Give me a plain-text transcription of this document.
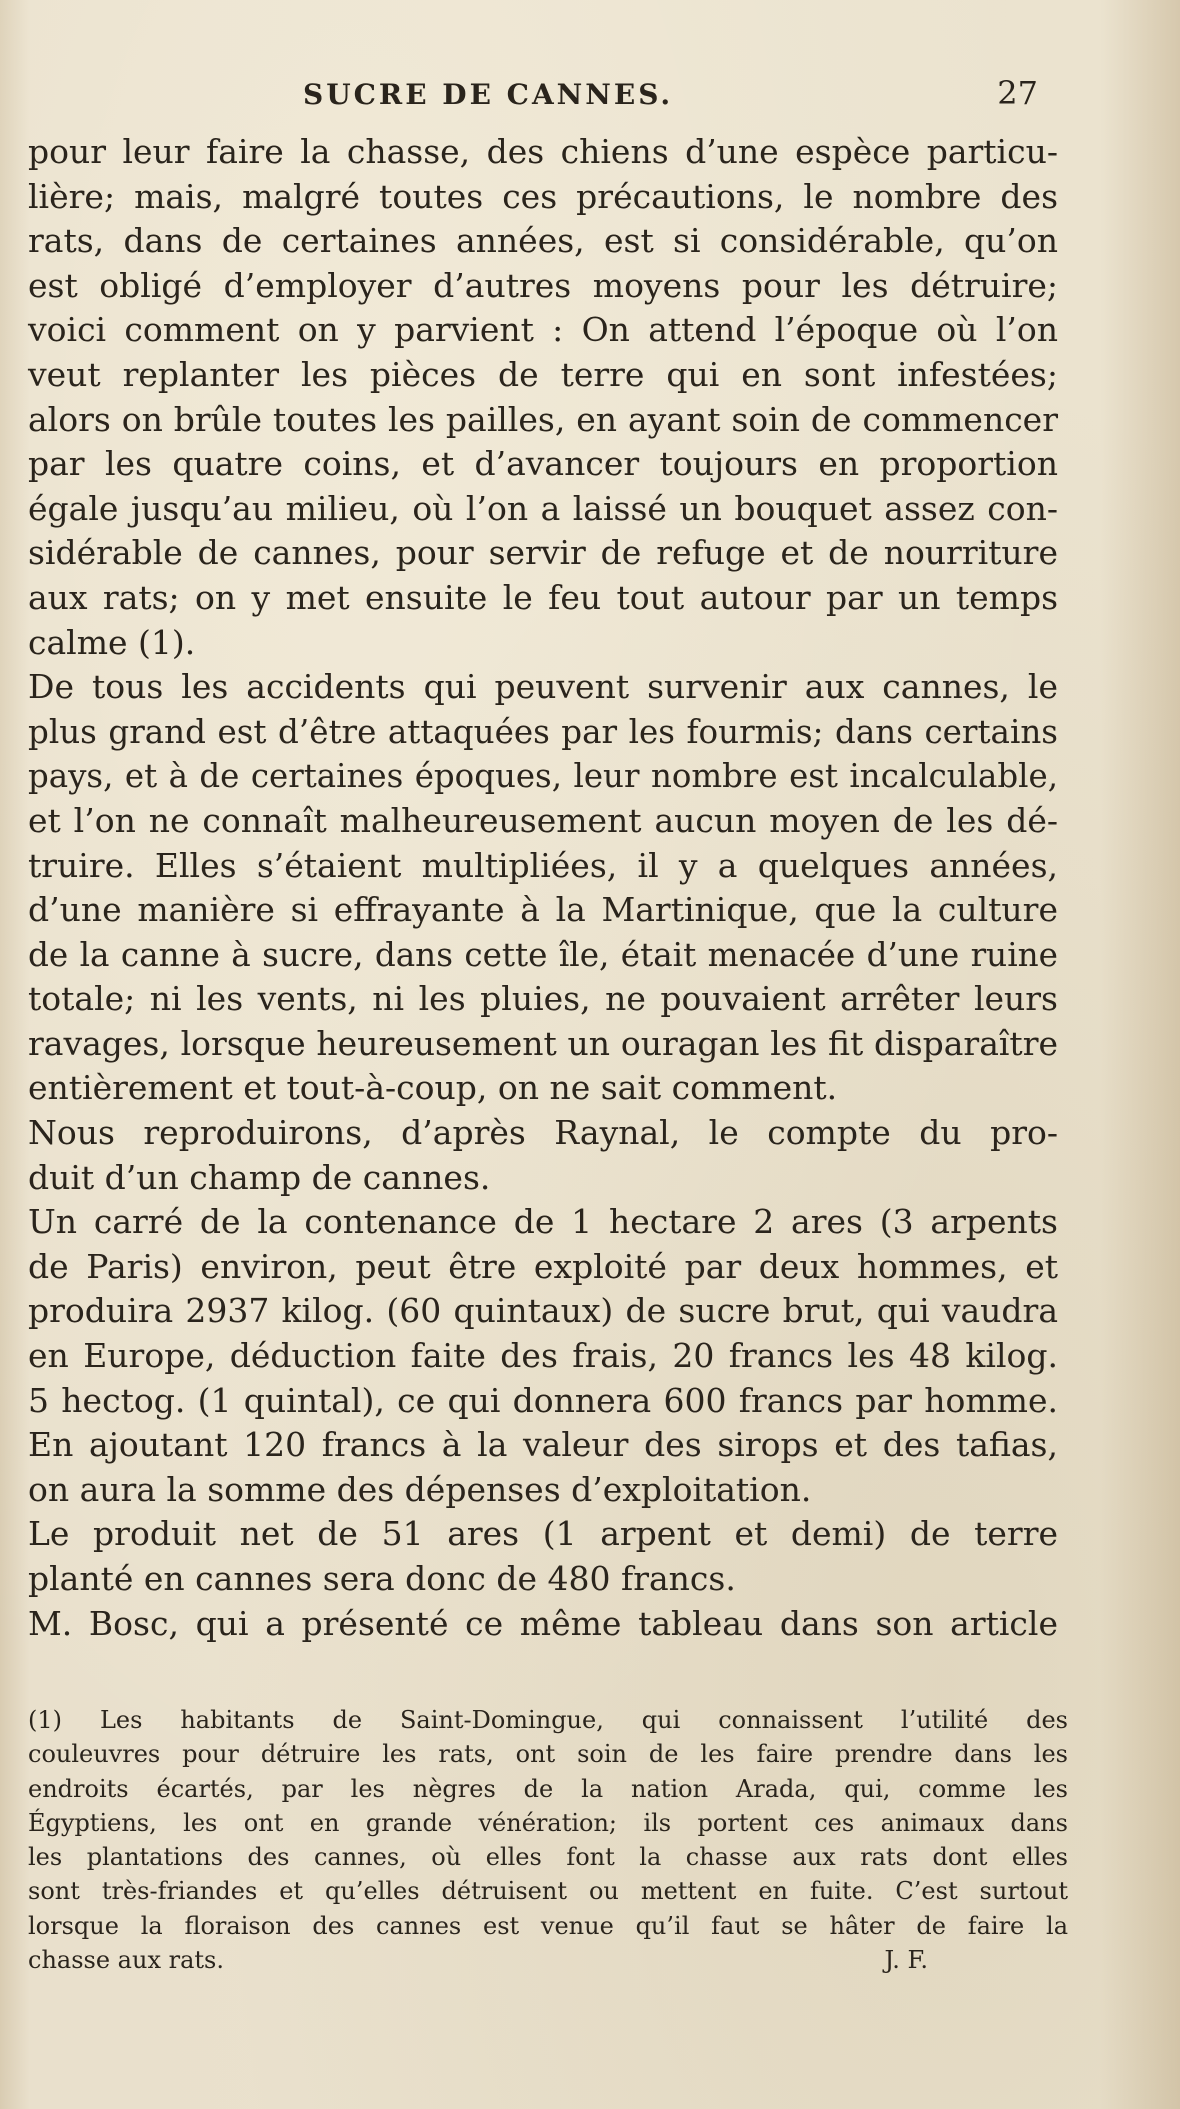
SUCRE DE CANNES.	27
pour leur faire la chasse, des chiens d’une espèce particu-
lière; mais, malgré toutes ces précautions, le nombre des
rats, dans de certaines années, est si considérable, qu’on
est obligé d’employer d’autres moyens pour les détruire;
voici comment on y parvient : On attend l’époque où l’on
veut replanter les pièces de terre qui en sont infestées;
alors on brûle toutes les pailles, en ayant soin de commencer
par les quatre coins, et d’avancer toujours en proportion
égale jusqu’au milieu, où l’on a laissé un bouquet assez con-
sidérable de cannes, pour servir de refuge et de nourriture
aux rats; on y met ensuite le feu tout autour par un temps
calme (1).
De tous les accidents qui peuvent survenir aux cannes, le
plus grand est d’être attaquées par les fourmis; dans certains
pays, et à de certaines époques, leur nombre est incalculable,
et l’on ne connaît malheureusement aucun moyen de les dé-
truire. Elles s’étaient multipliées, il y a quelques années,
d’une manière si effrayante à la Martinique, que la culture
de la canne à sucre, dans cette île, était menacée d’une ruine
totale; ni les vents, ni les pluies, ne pouvaient arrêter leurs
ravages, lorsque heureusement un ouragan les fit disparaître
entièrement et tout-à-coup, on ne sait comment.
Nous reproduirons, d’après Raynal, le compte du pro-
duit d’un champ de cannes.
Un carré de la contenance de 1 hectare 2 ares (3 arpents
de Paris) environ, peut être exploité par deux hommes, et
produira 2937 kilog. (60 quintaux) de sucre brut, qui vaudra
en Europe, déduction faite des frais, 20 francs les 48 kilog.
5 hectog. (1 quintal), ce qui donnera 600 francs par homme.
En ajoutant 120 francs à la valeur des sirops et des tafias,
on aura la somme des dépenses d’exploitation.
Le produit net de 51 ares (1 arpent et demi) de terre
planté en cannes sera donc de 480 francs.
M. Bosc, qui a présenté ce même tableau dans son article
(1) Les habitants de Saint-Domingue, qui connaissent l’utilité des
couleuvres pour détruire les rats, ont soin de les faire prendre dans les
endroits écartés, par les nègres de la nation Arada, qui, comme les
Égyptiens, les ont en grande vénération; ils portent ces animaux dans
les plantations des cannes, où elles font la chasse aux rats dont elles
sont très-friandes et qu’elles détruisent ou mettent en fuite. C’est surtout
lorsque la floraison des cannes est venue qu’il faut se hâter de faire la
chasse aux rats.	J. F.
